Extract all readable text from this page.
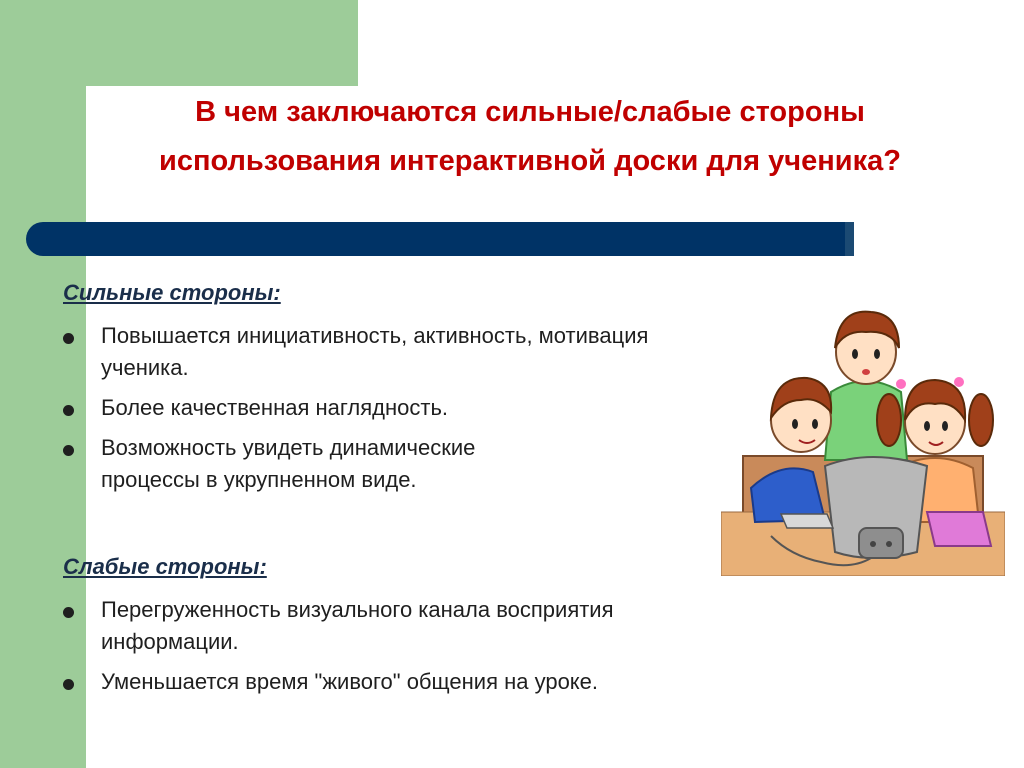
В чем заключаются сильные/слабые стороны
использования интерактивной доски для ученика?
Сильные стороны:
Повышается инициативность, активность, мотивация
ученика.
Более качественная наглядность.
Возможность увидеть динамические
процессы в укрупненном виде.
Слабые стороны:
Перегруженность визуального канала восприятия
информации.
Уменьшается время "живого" общения на уроке.
